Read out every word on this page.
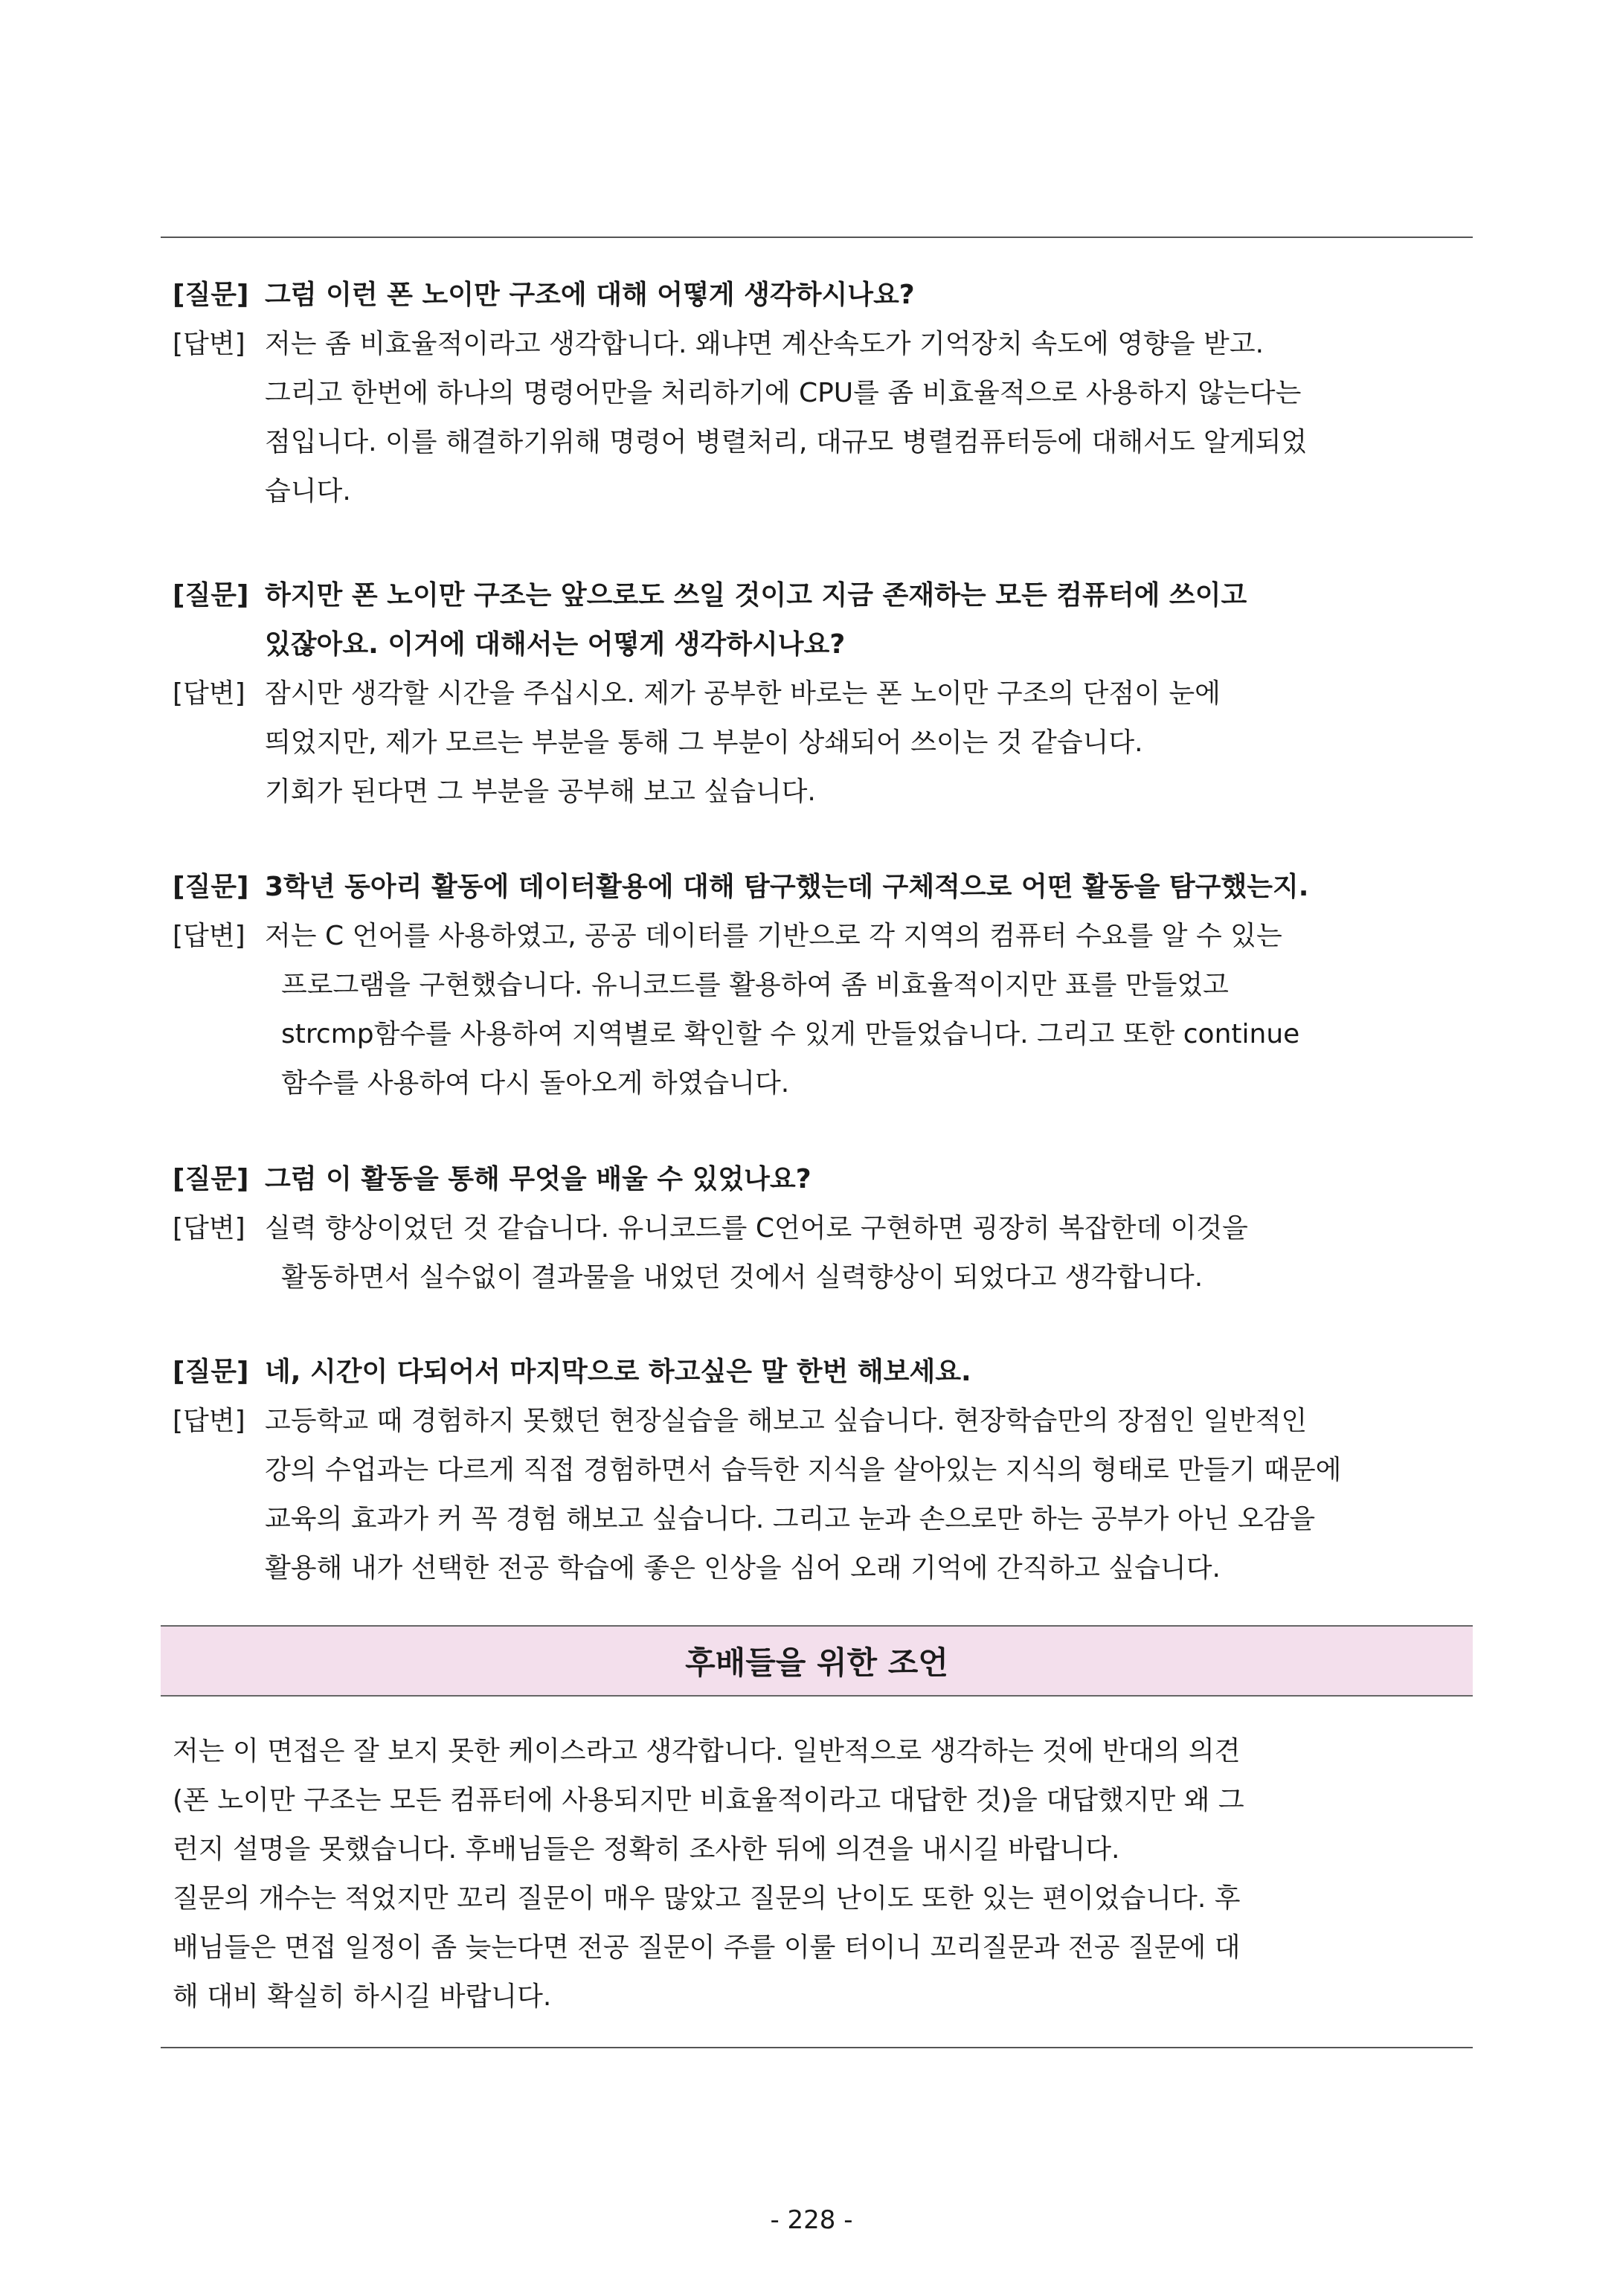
[질문] 그럼 이런 폰 노이만 구조에 대해 어떻게 생각하시나요?
[답변] 저는 좀 비효율적이라고 생각합니다. 왜냐면 계산속도가 기억장치 속도에 영향을 받고.
그리고 한번에 하나의 명령어만을 처리하기에 CPU를 좀 비효율적으로 사용하지 않는다는
점입니다. 이를 해결하기위해 명령어 병렬처리, 대규모 병렬컴퓨터등에 대해서도 알게되었
습니다.
[질문] 하지만 폰 노이만 구조는 앞으로도 쓰일 것이고 지금 존재하는 모든 컴퓨터에 쓰이고
있잖아요. 이거에 대해서는 어떻게 생각하시나요?
[답변] 잠시만 생각할 시간을 주십시오. 제가 공부한 바로는 폰 노이만 구조의 단점이 눈에
띄었지만, 제가 모르는 부분을 통해 그 부분이 상쇄되어 쓰이는 것 같습니다.
기회가 된다면 그 부분을 공부해 보고 싶습니다.
[질문] 3학년 동아리 활동에 데이터활용에 대해 탐구했는데 구체적으로 어떤 활동을 탐구했는지.
[답변] 저는 C 언어를 사용하였고, 공공 데이터를 기반으로 각 지역의 컴퓨터 수요를 알 수 있는
프로그램을 구현했습니다. 유니코드를 활용하여 좀 비효율적이지만 표를 만들었고
strcmp함수를 사용하여 지역별로 확인할 수 있게 만들었습니다. 그리고 또한 continue
함수를 사용하여 다시 돌아오게 하였습니다.
[질문] 그럼 이 활동을 통해 무엇을 배울 수 있었나요?
[답변] 실력 향상이었던 것 같습니다. 유니코드를 C언어로 구현하면 굉장히 복잡한데 이것을
활동하면서 실수없이 결과물을 내었던 것에서 실력향상이 되었다고 생각합니다.
[질문] 네, 시간이 다되어서 마지막으로 하고싶은 말 한번 해보세요.
[답변] 고등학교 때 경험하지 못했던 현장실습을 해보고 싶습니다. 현장학습만의 장점인 일반적인
강의 수업과는 다르게 직접 경험하면서 습득한 지식을 살아있는 지식의 형태로 만들기 때문에
교육의 효과가 커 꼭 경험 해보고 싶습니다. 그리고 눈과 손으로만 하는 공부가 아닌 오감을
활용해 내가 선택한 전공 학습에 좋은 인상을 심어 오래 기억에 간직하고 싶습니다.
후배들을 위한 조언
저는 이 면접은 잘 보지 못한 케이스라고 생각합니다. 일반적으로 생각하는 것에 반대의 의견
(폰 노이만 구조는 모든 컴퓨터에 사용되지만 비효율적이라고 대답한 것)을 대답했지만 왜 그
런지 설명을 못했습니다. 후배님들은 정확히 조사한 뒤에 의견을 내시길 바랍니다.
질문의 개수는 적었지만 꼬리 질문이 매우 많았고 질문의 난이도 또한 있는 편이었습니다. 후
배님들은 면접 일정이 좀 늦는다면 전공 질문이 주를 이룰 터이니 꼬리질문과 전공 질문에 대
해 대비 확실히 하시길 바랍니다.
- 228 -
